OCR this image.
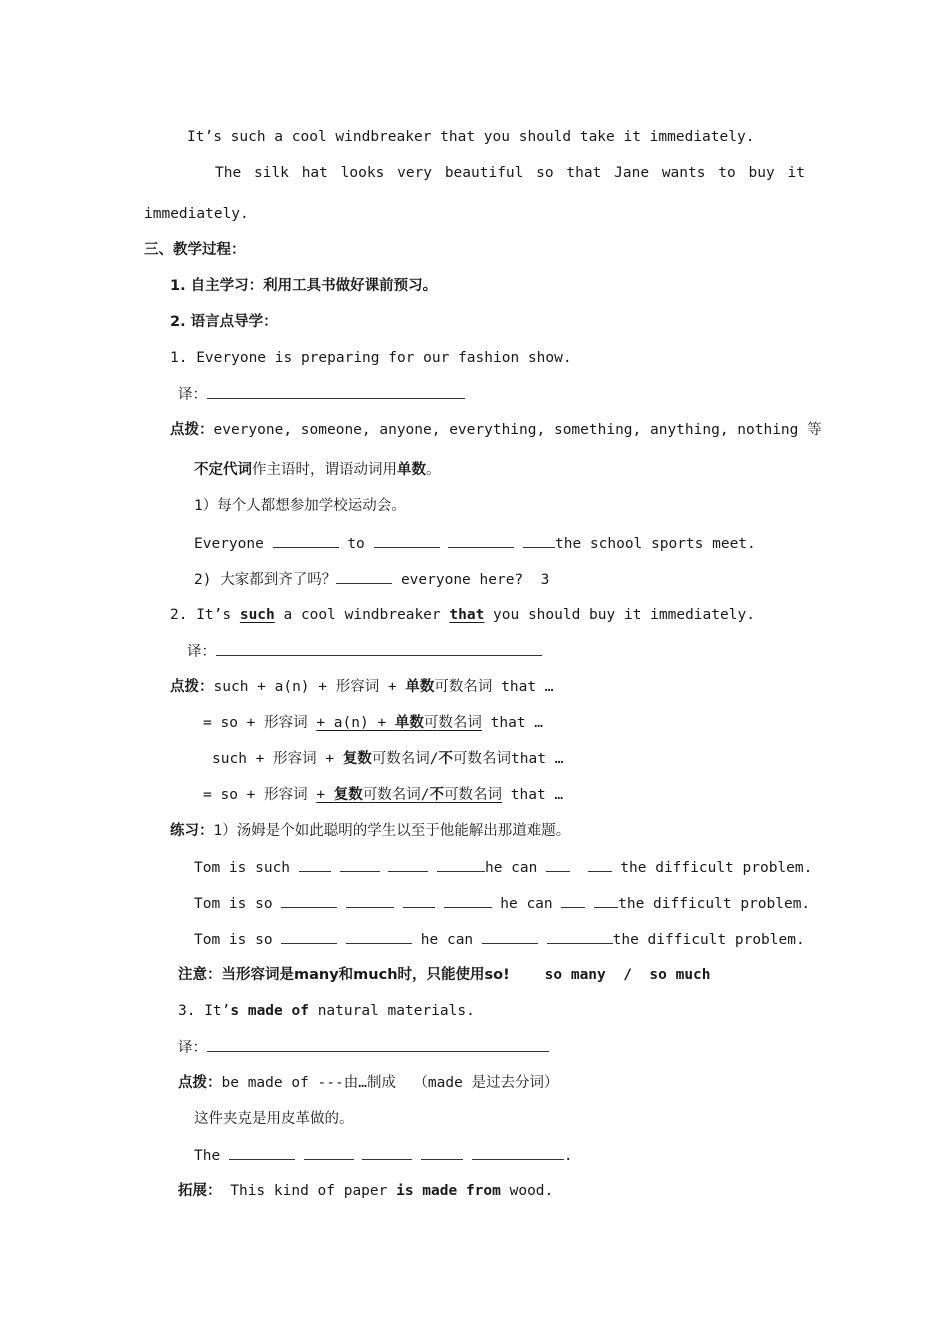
It’s such a cool windbreaker that you should take it immediately.
The silk hat looks very beautiful so that Jane wants to buy it
immediately.
三、教学过程：
1. 自主学习：利用工具书做好课前预习。
2. 语言点导学：
1. Everyone is preparing for our fashion show.
译：
点拨：everyone, someone, anyone, everything, something, anything, nothing 等
不定代词作主语时，谓语动词用单数。
1）每个人都想参加学校运动会。
Everyone	to	the school sports meet.
2) 大家都到齐了吗？	everyone here?  3
2. It’s such a cool windbreaker that you should buy it immediately.
译：
点拨：such + a(n) + 形容词 + 单数可数名词 that …
= so + 形容词 + a(n) + 单数可数名词 that …
such + 形容词 + 复数可数名词/不可数名词that …
= so + 形容词 + 复数可数名词/不可数名词 that …
练习：1）汤姆是个如此聪明的学生以至于他能解出那道难题。
Tom is such	he can	the difficult problem.
Tom is so	he can	the difficult problem.
Tom is so	he can	the difficult problem.
注意：当形容词是many和much时，只能使用so! so many  /  so much
3. It’s made of natural materials.
译：
点拨：be made of ---由…制成  （made 是过去分词）
这件夹克是用皮革做的。
The	.
拓展： This kind of paper is made from wood.
